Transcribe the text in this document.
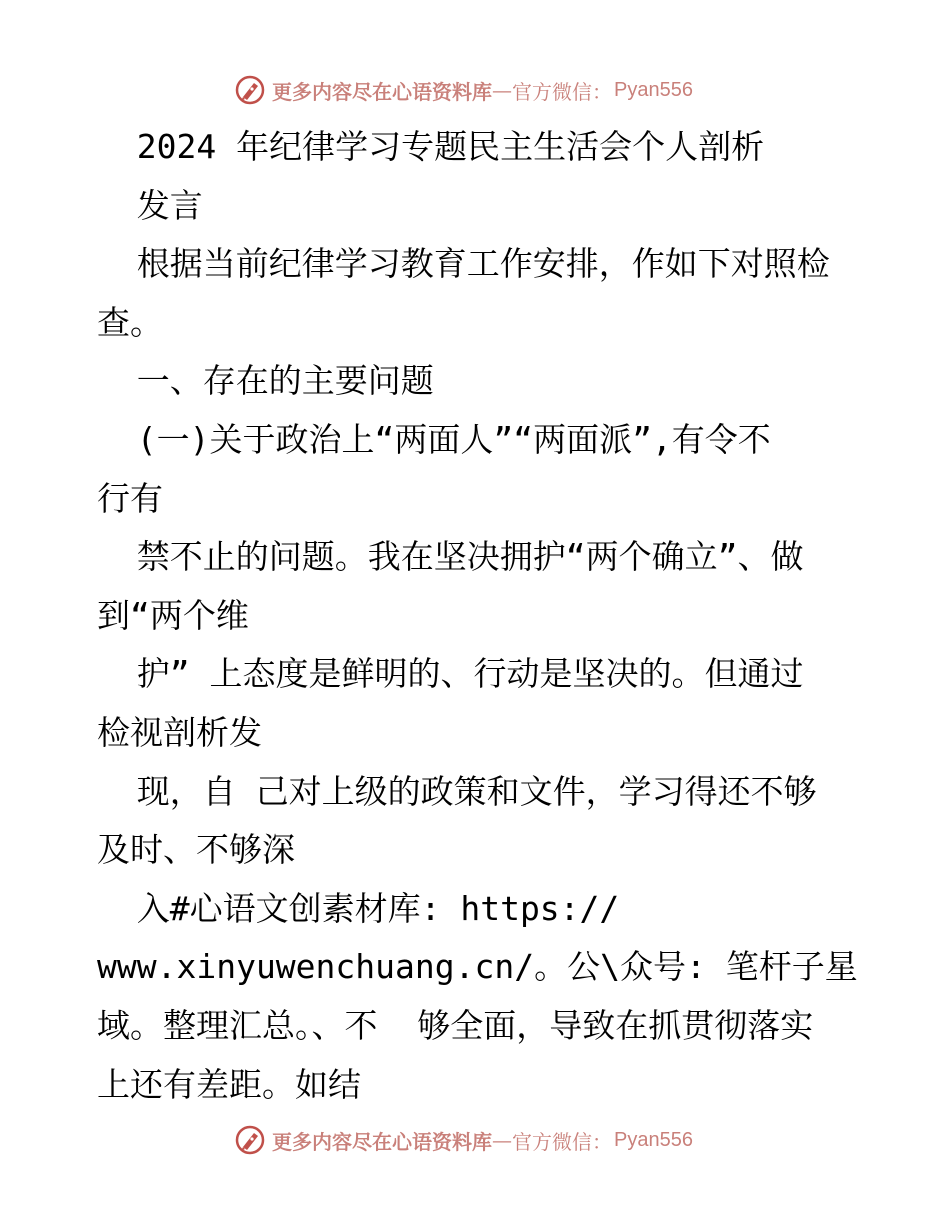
更多内容尽在心语资料库 — 官方微信： Pyan556
2024 年纪律学习专题民主生活会个人剖析
发言
根据当前纪律学习教育工作安排，作如下对照检
查。
一、存在的主要问题
(一)关于政治上“两面人”“两面派”,有令不
行有
禁不止的问题。我在坚决拥护“两个确立”、做
到“两个维
护” 上态度是鲜明的、行动是坚决的。但通过
检视剖析发
现，自 己对上级的政策和文件，学习得还不够
及时、不够深
入#心语文创素材库: https://
www.xinyuwenchuang.cn/。公\众号: 笔杆子星
域。整理汇总。、不  够全面，导致在抓贯彻落实
上还有差距。如结
更多内容尽在心语资料库 — 官方微信： Pyan556
